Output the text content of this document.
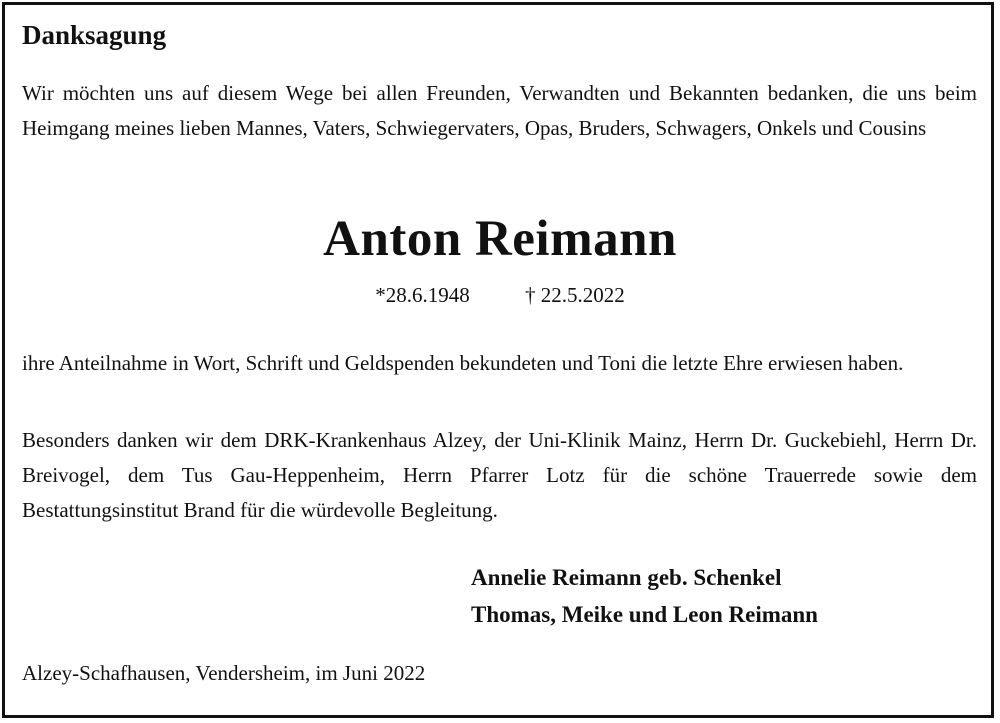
Danksagung
Wir möchten uns auf diesem Wege bei allen Freunden, Verwandten und Bekannten bedanken, die uns beim Heimgang meines lieben Mannes, Vaters, Schwiegervaters, Opas, Bruders, Schwagers, Onkels und Cousins
Anton Reimann
*28.6.1948	† 22.5.2022
ihre Anteilnahme in Wort, Schrift und Geldspenden bekundeten und Toni die letzte Ehre erwiesen haben.
Besonders danken wir dem DRK-Krankenhaus Alzey, der Uni-Klinik Mainz, Herrn Dr. Guckebiehl, Herrn Dr. Breivogel, dem Tus Gau-Heppenheim, Herrn Pfarrer Lotz für die schöne Trauerrede sowie dem Bestattungsinstitut Brand für die würdevolle Begleitung.
Annelie Reimann geb. Schenkel
Thomas, Meike und Leon Reimann
Alzey-Schafhausen, Vendersheim, im Juni 2022
